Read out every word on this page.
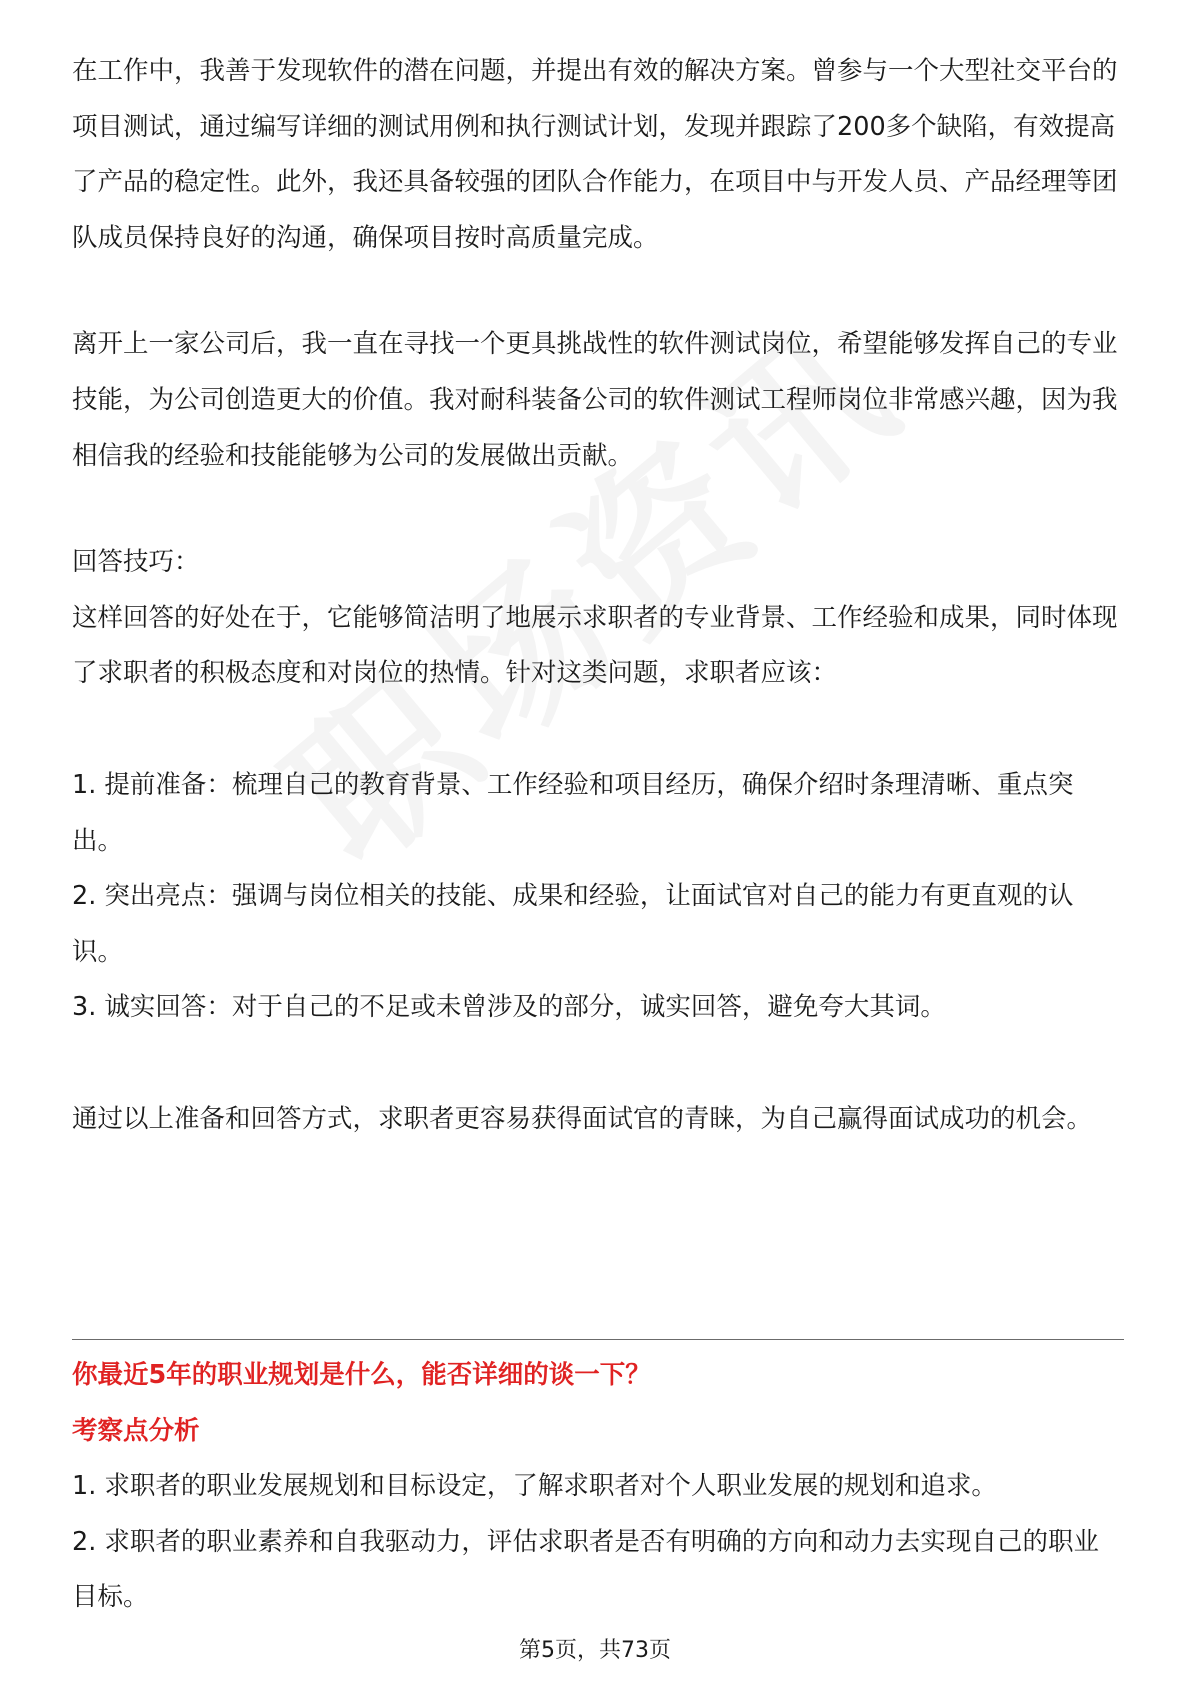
在工作中，我善于发现软件的潜在问题，并提出有效的解决方案。曾参与一个大型社交平台的项目测试，通过编写详细的测试用例和执行测试计划，发现并跟踪了200多个缺陷，有效提高了产品的稳定性。此外，我还具备较强的团队合作能力，在项目中与开发人员、产品经理等团队成员保持良好的沟通，确保项目按时高质量完成。

离开上一家公司后，我一直在寻找一个更具挑战性的软件测试岗位，希望能够发挥自己的专业技能，为公司创造更大的价值。我对耐科装备公司的软件测试工程师岗位非常感兴趣，因为我相信我的经验和技能能够为公司的发展做出贡献。

回答技巧：

这样回答的好处在于，它能够简洁明了地展示求职者的专业背景、工作经验和成果，同时体现了求职者的积极态度和对岗位的热情。针对这类问题，求职者应该：

1. 提前准备：梳理自己的教育背景、工作经验和项目经历，确保介绍时条理清晰、重点突出。

2. 突出亮点：强调与岗位相关的技能、成果和经验，让面试官对自己的能力有更直观的认识。

3. 诚实回答：对于自己的不足或未曾涉及的部分，诚实回答，避免夸大其词。

通过以上准备和回答方式，求职者更容易获得面试官的青睐，为自己赢得面试成功的机会。

你最近5年的职业规划是什么，能否详细的谈一下？

考察点分析

1. 求职者的职业发展规划和目标设定，了解求职者对个人职业发展的规划和追求。

2. 求职者的职业素养和自我驱动力，评估求职者是否有明确的方向和动力去实现自己的职业目标。

第5页，共73页
